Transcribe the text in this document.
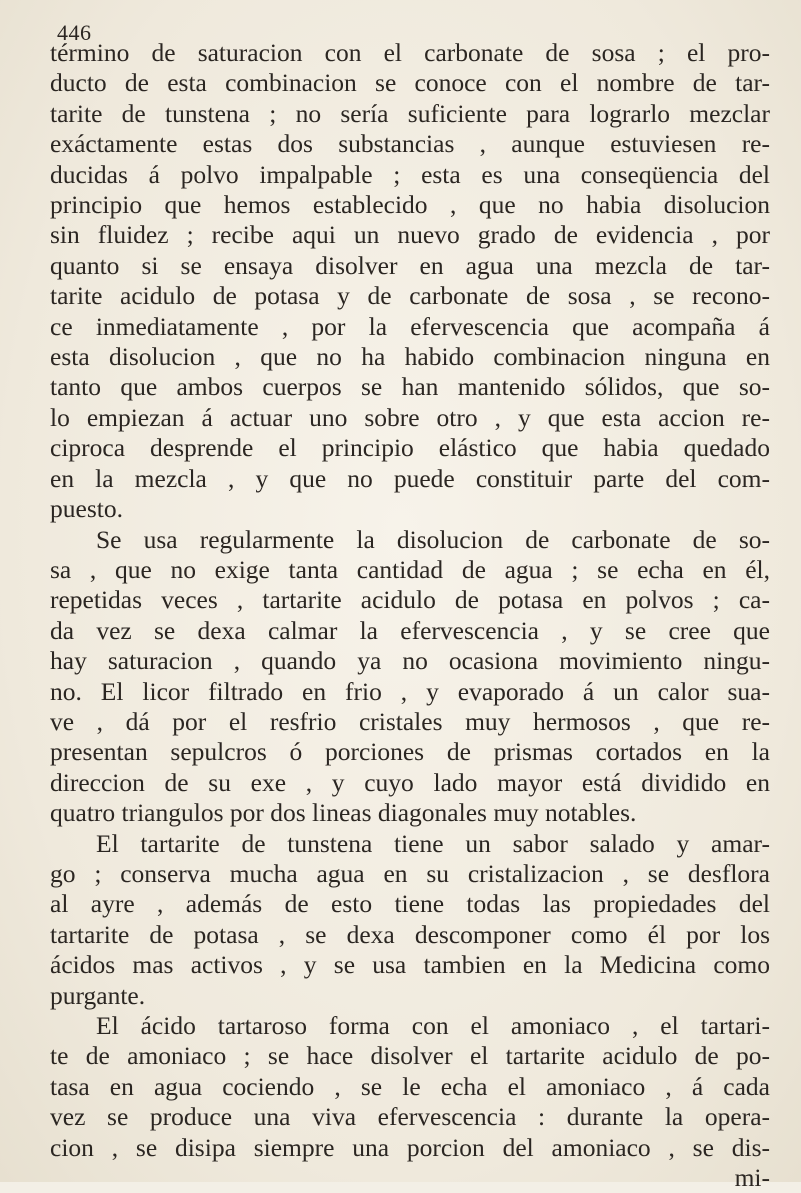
446
término de saturacion con el carbonate de sosa ; el pro-
ducto de esta combinacion se conoce con el nombre de tar-
tarite de tunstena ; no sería suficiente para lograrlo mezclar
exáctamente estas dos substancias , aunque estuviesen re-
ducidas á polvo impalpable ; esta es una conseqüencia del
principio que hemos establecido , que no habia disolucion
sin fluidez ; recibe aqui un nuevo grado de evidencia , por
quanto si se ensaya disolver en agua una mezcla de tar-
tarite acidulo de potasa y de carbonate de sosa , se recono-
ce inmediatamente , por la efervescencia que acompaña á
esta disolucion , que no ha habido combinacion ninguna en
tanto que ambos cuerpos se han mantenido sólidos, que so-
lo empiezan á actuar uno sobre otro , y que esta accion re-
ciproca desprende el principio elástico que habia quedado
en la mezcla , y que no puede constituir parte del com-
puesto.
Se usa regularmente la disolucion de carbonate de so-
sa , que no exige tanta cantidad de agua ; se echa en él,
repetidas veces , tartarite acidulo de potasa en polvos ; ca-
da vez se dexa calmar la efervescencia , y se cree que
hay saturacion , quando ya no ocasiona movimiento ningu-
no. El licor filtrado en frio , y evaporado á un calor sua-
ve , dá por el resfrio cristales muy hermosos , que re-
presentan sepulcros ó porciones de prismas cortados en la
direccion de su exe , y cuyo lado mayor está dividido en
quatro triangulos por dos lineas diagonales muy notables.
El tartarite de tunstena tiene un sabor salado y amar-
go ; conserva mucha agua en su cristalizacion , se desflora
al ayre , además de esto tiene todas las propiedades del
tartarite de potasa , se dexa descomponer como él por los
ácidos mas activos , y se usa tambien en la Medicina como
purgante.
El ácido tartaroso forma con el amoniaco , el tartari-
te de amoniaco ; se hace disolver el tartarite acidulo de po-
tasa en agua cociendo , se le echa el amoniaco , á cada
vez se produce una viva efervescencia : durante la opera-
cion , se disipa siempre una porcion del amoniaco , se dis-
mi-
